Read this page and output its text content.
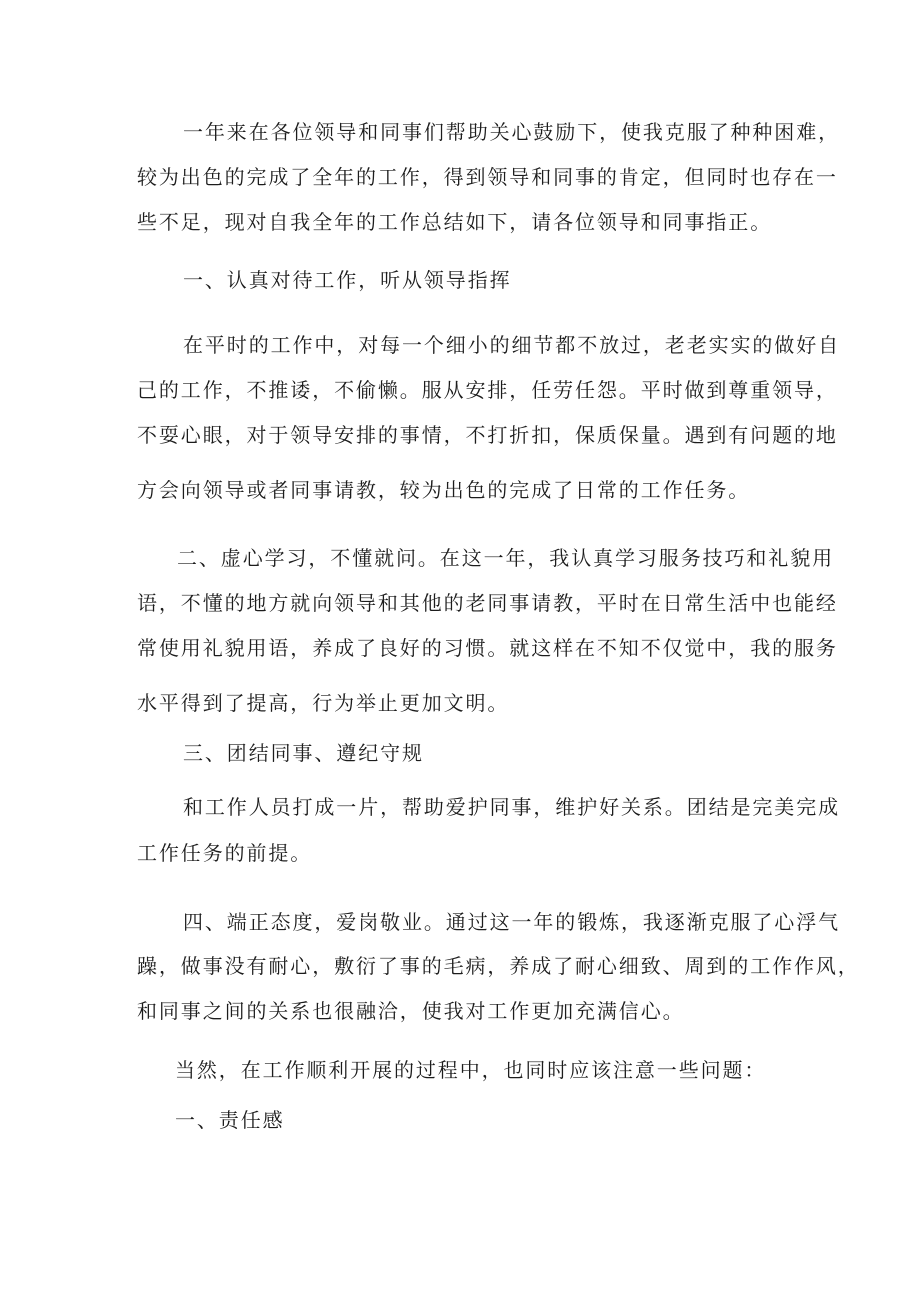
一年来在各位领导和同事们帮助关心鼓励下，使我克服了种种困难，
较为出色的完成了全年的工作，得到领导和同事的肯定，但同时也存在一
些不足，现对自我全年的工作总结如下，请各位领导和同事指正。
一、认真对待工作，听从领导指挥
在平时的工作中，对每一个细小的细节都不放过，老老实实的做好自
己的工作，不推诿，不偷懒。服从安排，任劳任怨。平时做到尊重领导，
不耍心眼，对于领导安排的事情，不打折扣，保质保量。遇到有问题的地
方会向领导或者同事请教，较为出色的完成了日常的工作任务。
二、虚心学习，不懂就问。在这一年，我认真学习服务技巧和礼貌用
语，不懂的地方就向领导和其他的老同事请教，平时在日常生活中也能经
常使用礼貌用语，养成了良好的习惯。就这样在不知不仅觉中，我的服务
水平得到了提高，行为举止更加文明。
三、团结同事、遵纪守规
和工作人员打成一片，帮助爱护同事，维护好关系。团结是完美完成
工作任务的前提。
四、端正态度，爱岗敬业。通过这一年的锻炼，我逐渐克服了心浮气
躁，做事没有耐心，敷衍了事的毛病，养成了耐心细致、周到的工作作风，
和同事之间的关系也很融洽，使我对工作更加充满信心。
当然，在工作顺利开展的过程中，也同时应该注意一些问题：
一、责任感
